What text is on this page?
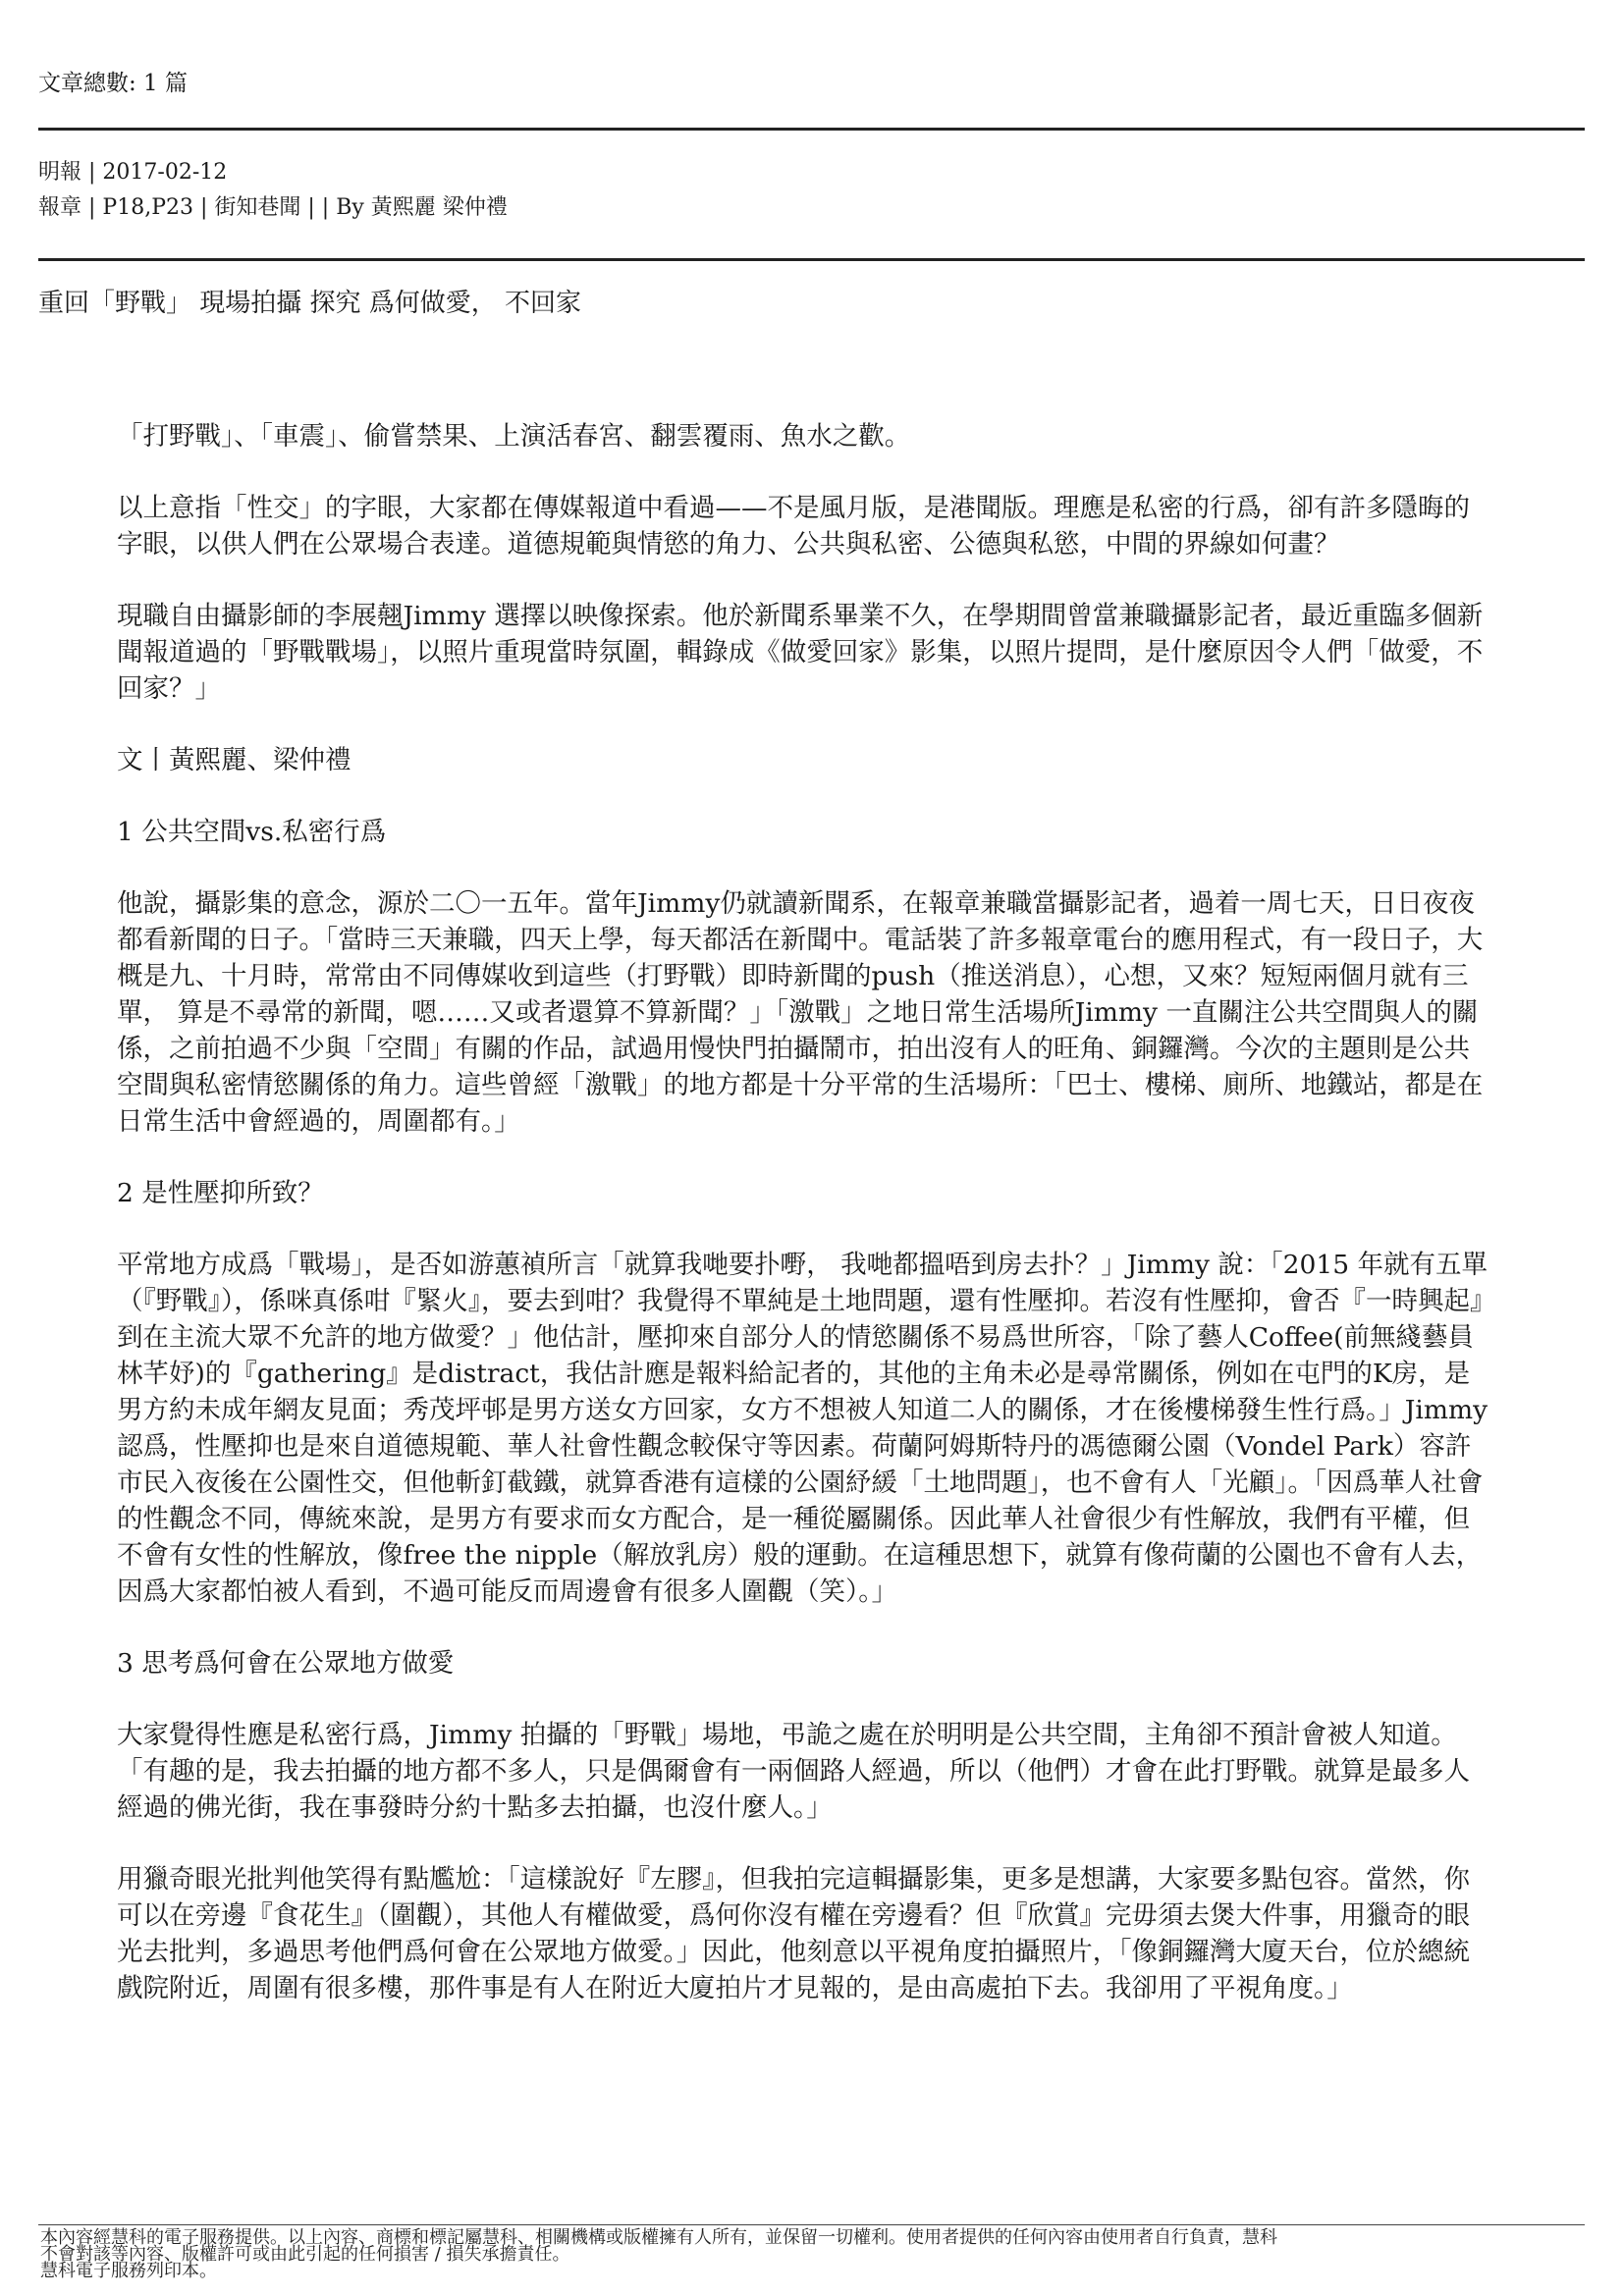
文章總數: 1 篇
明報 | 2017-02-12
報章 | P18,P23 | 街知巷聞 | | By 黃熙麗 梁仲禮
重回「野戰」 現場拍攝 探究 爲何做愛， 不回家

「打野戰」、「車震」、偷嘗禁果、上演活春宮、翻雲覆雨、魚水之歡。

以上意指「性交」的字眼，大家都在傳媒報道中看過——不是風月版，是港聞版。理應是私密的行爲，卻有許多隱晦的字眼，以供人們在公眾場合表達。道德規範與情慾的角力、公共與私密、公德與私慾，中間的界線如何畫？

現職自由攝影師的李展翹Jimmy 選擇以映像探索。他於新聞系畢業不久，在學期間曾當兼職攝影記者，最近重臨多個新聞報道過的「野戰戰場」，以照片重現當時氛圍，輯錄成《做愛回家》影集，以照片提問，是什麼原因令人們「做愛，不回家？」

文丨黃熙麗、梁仲禮

1 公共空間vs.私密行爲

他說，攝影集的意念，源於二〇一五年。當年Jimmy仍就讀新聞系，在報章兼職當攝影記者，過着一周七天，日日夜夜都看新聞的日子。「當時三天兼職，四天上學，每天都活在新聞中。電話裝了許多報章電台的應用程式，有一段日子，大概是九、十月時，常常由不同傳媒收到這些（打野戰）即時新聞的push（推送消息），心想，又來？短短兩個月就有三單， 算是不尋常的新聞，嗯……又或者還算不算新聞？」「激戰」之地日常生活場所Jimmy 一直關注公共空間與人的關係，之前拍過不少與「空間」有關的作品，試過用慢快門拍攝鬧市，拍出沒有人的旺角、銅鑼灣。今次的主題則是公共空間與私密情慾關係的角力。這些曾經「激戰」的地方都是十分平常的生活場所：「巴士、樓梯、廁所、地鐵站，都是在日常生活中會經過的，周圍都有。」

2 是性壓抑所致？

平常地方成爲「戰場」，是否如游蕙禎所言「就算我哋要扑嘢， 我哋都搵唔到房去扑？」Jimmy 說：「2015 年就有五單（『野戰』），係咪真係咁『緊火』，要去到咁？我覺得不單純是土地問題，還有性壓抑。若沒有性壓抑，會否『一時興起』到在主流大眾不允許的地方做愛？」他估計，壓抑來自部分人的情慾關係不易爲世所容，「除了藝人Coffee(前無綫藝員林芊妤)的『gathering』是distract，我估計應是報料給記者的，其他的主角未必是尋常關係，例如在屯門的K房，是男方約未成年網友見面；秀茂坪邨是男方送女方回家，女方不想被人知道二人的關係，才在後樓梯發生性行爲。」Jimmy 認爲，性壓抑也是來自道德規範、華人社會性觀念較保守等因素。荷蘭阿姆斯特丹的馮德爾公園（Vondel Park）容許市民入夜後在公園性交，但他斬釘截鐵，就算香港有這樣的公園紓緩「土地問題」，也不會有人「光顧」。「因爲華人社會的性觀念不同，傳統來說，是男方有要求而女方配合，是一種從屬關係。因此華人社會很少有性解放，我們有平權，但不會有女性的性解放，像free the nipple（解放乳房）般的運動。在這種思想下，就算有像荷蘭的公園也不會有人去，因爲大家都怕被人看到，不過可能反而周邊會有很多人圍觀（笑）。」

3 思考爲何會在公眾地方做愛

大家覺得性應是私密行爲，Jimmy 拍攝的「野戰」場地，弔詭之處在於明明是公共空間，主角卻不預計會被人知道。「有趣的是，我去拍攝的地方都不多人，只是偶爾會有一兩個路人經過，所以（他們）才會在此打野戰。就算是最多人經過的佛光街，我在事發時分約十點多去拍攝，也沒什麼人。」

用獵奇眼光批判他笑得有點尷尬：「這樣說好『左膠』，但我拍完這輯攝影集，更多是想講，大家要多點包容。當然，你可以在旁邊『食花生』（圍觀），其他人有權做愛，爲何你沒有權在旁邊看？但『欣賞』完毋須去煲大件事，用獵奇的眼光去批判，多過思考他們爲何會在公眾地方做愛。」因此，他刻意以平視角度拍攝照片，「像銅鑼灣大廈天台，位於總統戲院附近，周圍有很多樓，那件事是有人在附近大廈拍片才見報的，是由高處拍下去。我卻用了平視角度。」

本內容經慧科的電子服務提供。以上內容、商標和標記屬慧科、相關機構或版權擁有人所有，並保留一切權利。使用者提供的任何內容由使用者自行負責，慧科
不會對該等內容、版權許可或由此引起的任何損害 / 損失承擔責任。
慧科電子服務列印本。
